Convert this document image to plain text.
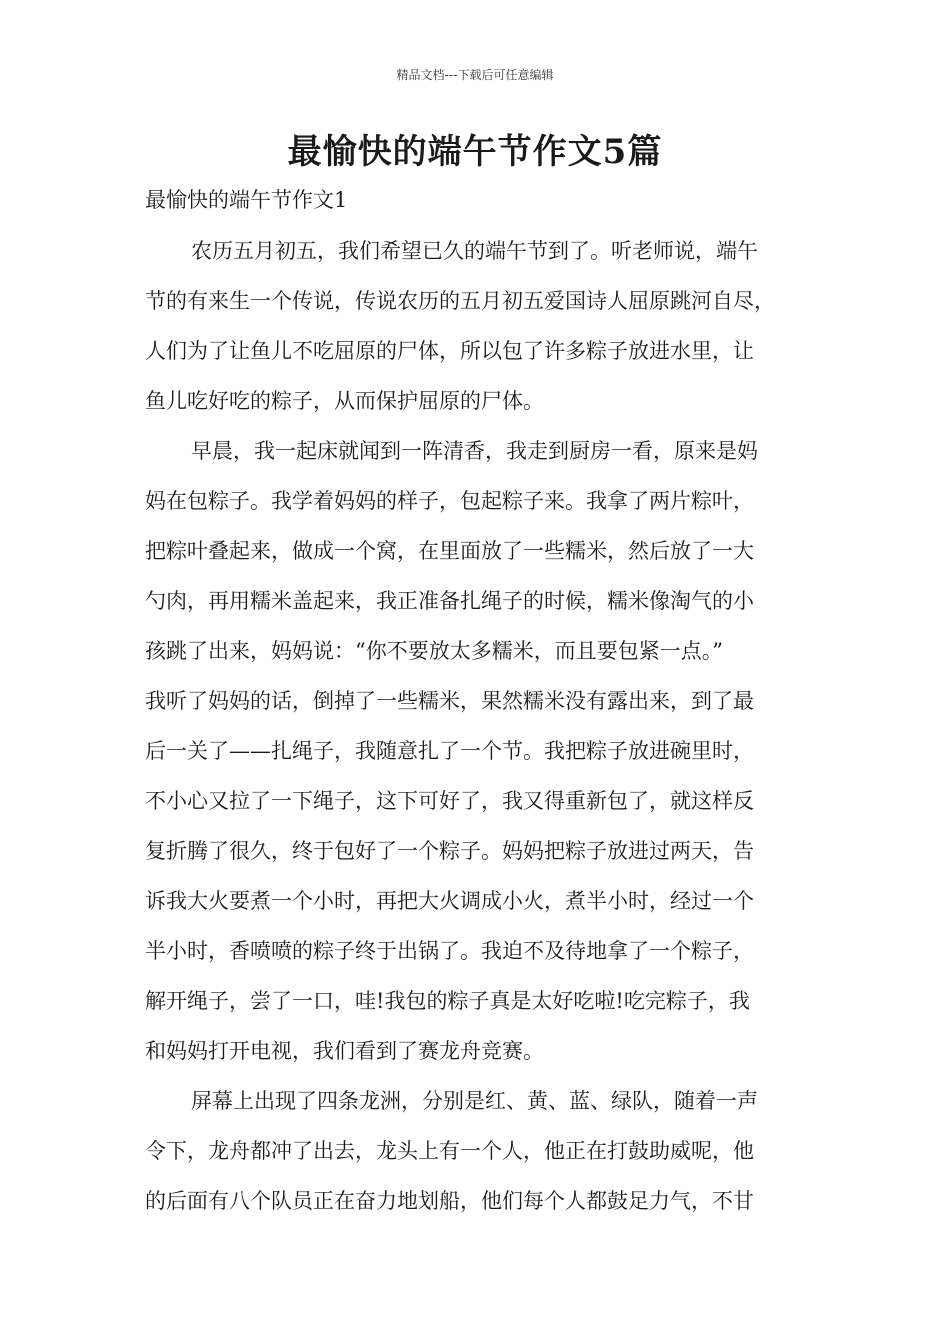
精品文档---下载后可任意编辑
最愉快的端午节作文5篇
最愉快的端午节作文1
农历五月初五，我们希望已久的端午节到了。听老师说，端午
节的有来生一个传说，传说农历的五月初五爱国诗人屈原跳河自尽，
人们为了让鱼儿不吃屈原的尸体，所以包了许多粽子放进水里，让
鱼儿吃好吃的粽子，从而保护屈原的尸体。
早晨，我一起床就闻到一阵清香，我走到厨房一看，原来是妈
妈在包粽子。我学着妈妈的样子，包起粽子来。我拿了两片粽叶，
把粽叶叠起来，做成一个窝，在里面放了一些糯米，然后放了一大
勺肉，再用糯米盖起来，我正准备扎绳子的时候，糯米像淘气的小
孩跳了出来，妈妈说：“你不要放太多糯米，而且要包紧一点。”
我听了妈妈的话，倒掉了一些糯米，果然糯米没有露出来，到了最
后一关了——扎绳子，我随意扎了一个节。我把粽子放进碗里时，
不小心又拉了一下绳子，这下可好了，我又得重新包了，就这样反
复折腾了很久，终于包好了一个粽子。妈妈把粽子放进过两天，告
诉我大火要煮一个小时，再把大火调成小火，煮半小时，经过一个
半小时，香喷喷的粽子终于出锅了。我迫不及待地拿了一个粽子，
解开绳子，尝了一口，哇!我包的粽子真是太好吃啦!吃完粽子，我
和妈妈打开电视，我们看到了赛龙舟竞赛。
屏幕上出现了四条龙洲，分别是红、黄、蓝、绿队，随着一声
令下，龙舟都冲了出去，龙头上有一个人，他正在打鼓助威呢，他
的后面有八个队员正在奋力地划船，他们每个人都鼓足力气，不甘
